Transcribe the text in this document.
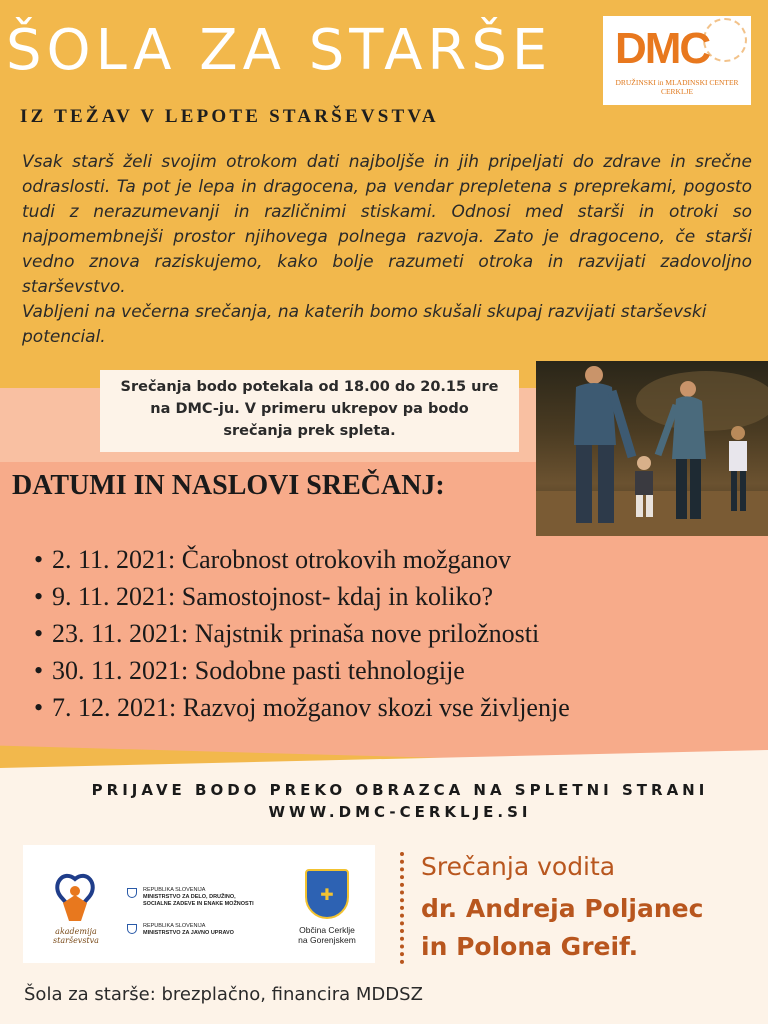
ŠOLA ZA STARŠE
IZ TEŽAV V LEPOTE STARŠEVSTVA
DMC
DRUŽINSKI in MLADINSKI CENTER
CERKLJE

Vsak starš želi svojim otrokom dati najboljše in jih pripeljati do zdrave in srečne odraslosti. Ta pot je lepa in dragocena, pa vendar prepletena s preprekami, pogosto tudi z nerazumevanji in različnimi stiskami. Odnosi med starši in otroki so najpomembnejši prostor njihovega polnega razvoja. Zato je dragoceno, če starši vedno znova raziskujemo, kako bolje razumeti otroka in razvijati zadovoljno starševstvo.

Vabljeni na večerna srečanja, na katerih bomo skušali skupaj razvijati starševski potencial.

Srečanja bodo potekala od 18.00 do 20.15 ure
na DMC-ju. V primeru ukrepov pa bodo
srečanja prek spleta.
DATUMI IN NASLOVI SREČANJ:
• 2. 11. 2021: Čarobnost otrokovih možganov
• 9. 11. 2021: Samostojnost- kdaj in koliko?
• 23. 11. 2021: Najstnik prinaša nove priložnosti
• 30. 11. 2021: Sodobne pasti tehnologije
• 7. 12. 2021: Razvoj možganov skozi vse življenje
PRIJAVE BODO PREKO OBRAZCA NA SPLETNI STRANI
WWW.DMC-CERKLJE.SI
akademija starševstva
REPUBLIKA SLOVENIJA
MINISTRSTVO ZA DELO, DRUŽINO,
SOCIALNE ZADEVE IN ENAKE MOŽNOSTI
REPUBLIKA SLOVENIJA
MINISTRSTVO ZA JAVNO UPRAVO
✚
Občina Cerklje
na Gorenjskem
Srečanja vodita
dr. Andreja Poljanec
in Polona Greif.
Šola za starše: brezplačno, financira MDDSZ
